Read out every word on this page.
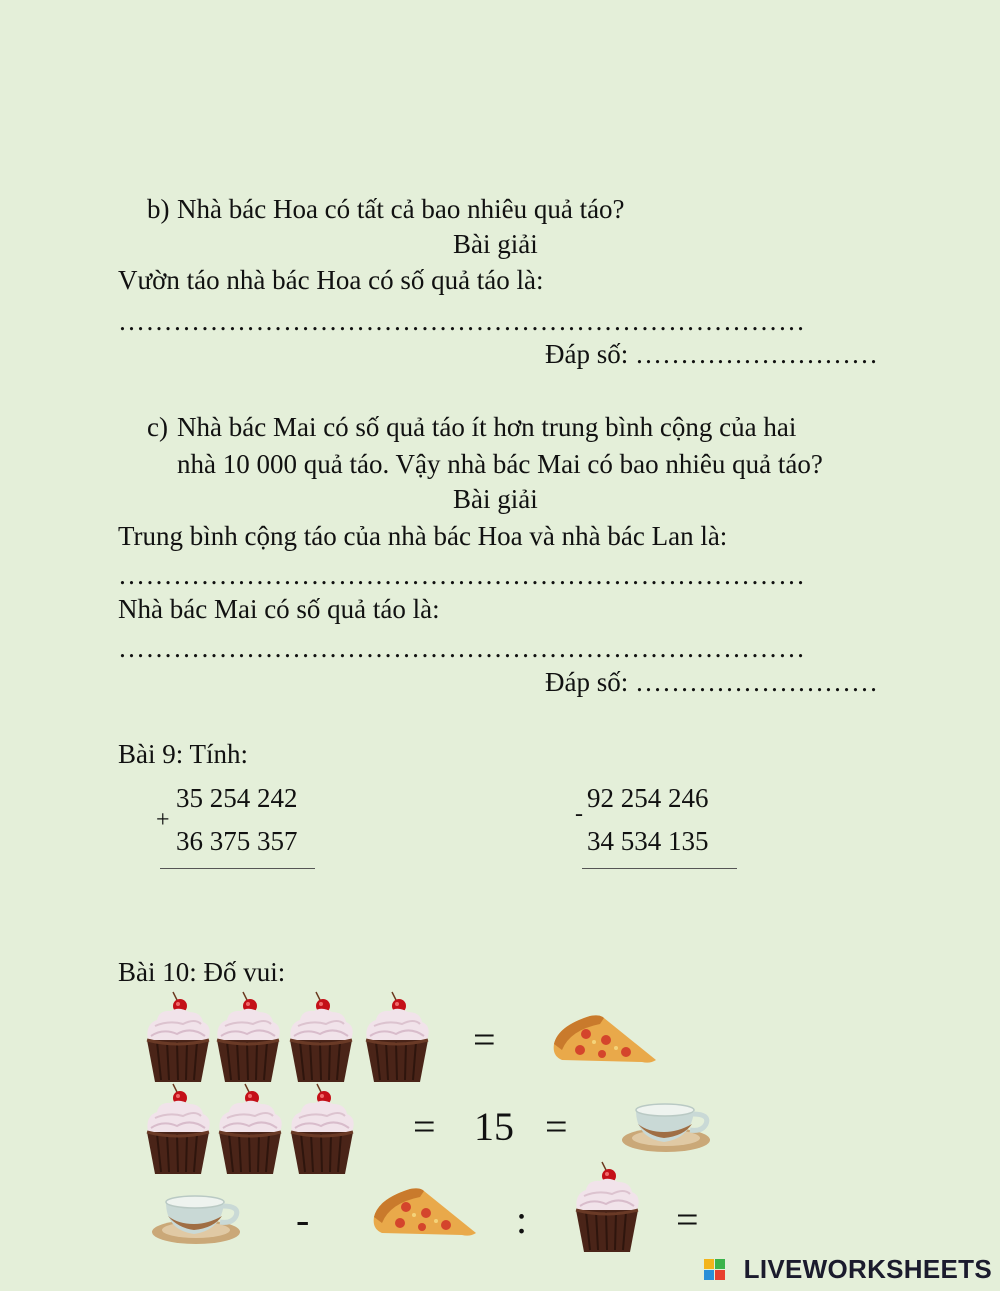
b) Nhà bác Hoa có tất cả bao nhiêu quả táo?
Bài giải
Vườn táo nhà bác Hoa có số quả táo là:
…………………………………………………………………
Đáp số: ………………………
c) Nhà bác Mai có số quả táo ít hơn trung bình cộng của hai
nhà 10 000 quả táo. Vậy nhà bác Mai có bao nhiêu quả táo?
Bài giải
Trung bình cộng táo của nhà bác Hoa và nhà bác Lan là:
…………………………………………………………………
Nhà bác Mai có số quả táo là:
…………………………………………………………………
Đáp số: ………………………
Bài 9: Tính:
35 254 242
+
36 375 357
92 254 246
-
34 534 135
Bài 10: Đố vui:
=
= 15 =
-	:	=
LIVEWORKSHEETS
